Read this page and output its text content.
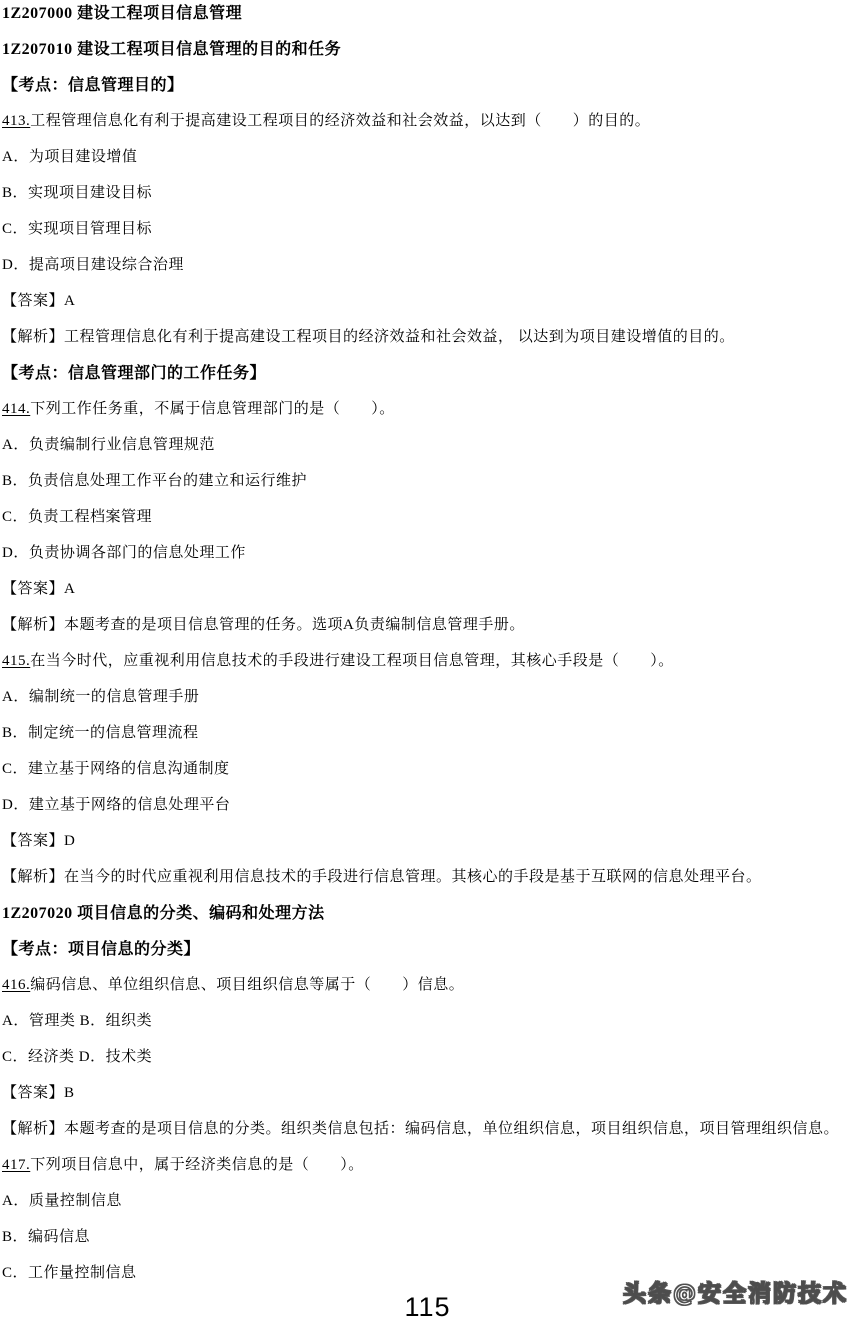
1Z207000 建设工程项目信息管理
1Z207010 建设工程项目信息管理的目的和任务
【考点：信息管理目的】
413.工程管理信息化有利于提高建设工程项目的经济效益和社会效益，以达到（　　）的目的。
A．为项目建设增值
B．实现项目建设目标
C．实现项目管理目标
D．提高项目建设综合治理
【答案】A
【解析】工程管理信息化有利于提高建设工程项目的经济效益和社会效益， 以达到为项目建设增值的目的。
【考点：信息管理部门的工作任务】
414.下列工作任务重，不属于信息管理部门的是（　　）。
A．负责编制行业信息管理规范
B．负责信息处理工作平台的建立和运行维护
C．负责工程档案管理
D．负责协调各部门的信息处理工作
【答案】A
【解析】本题考查的是项目信息管理的任务。选项A负责编制信息管理手册。
415.在当今时代，应重视利用信息技术的手段进行建设工程项目信息管理，其核心手段是（　　）。
A．编制统一的信息管理手册
B．制定统一的信息管理流程
C．建立基于网络的信息沟通制度
D．建立基于网络的信息处理平台
【答案】D
【解析】在当今的时代应重视利用信息技术的手段进行信息管理。其核心的手段是基于互联网的信息处理平台。
1Z207020 项目信息的分类、编码和处理方法
【考点：项目信息的分类】
416.编码信息、单位组织信息、项目组织信息等属于（　　）信息。
A．管理类 B．组织类
C．经济类 D．技术类
【答案】B
【解析】本题考查的是项目信息的分类。组织类信息包括：编码信息，单位组织信息，项目组织信息，项目管理组织信息。
417.下列项目信息中，属于经济类信息的是（　　）。
A．质量控制信息
B．编码信息
C．工作量控制信息
115	头条@安全消防技术
